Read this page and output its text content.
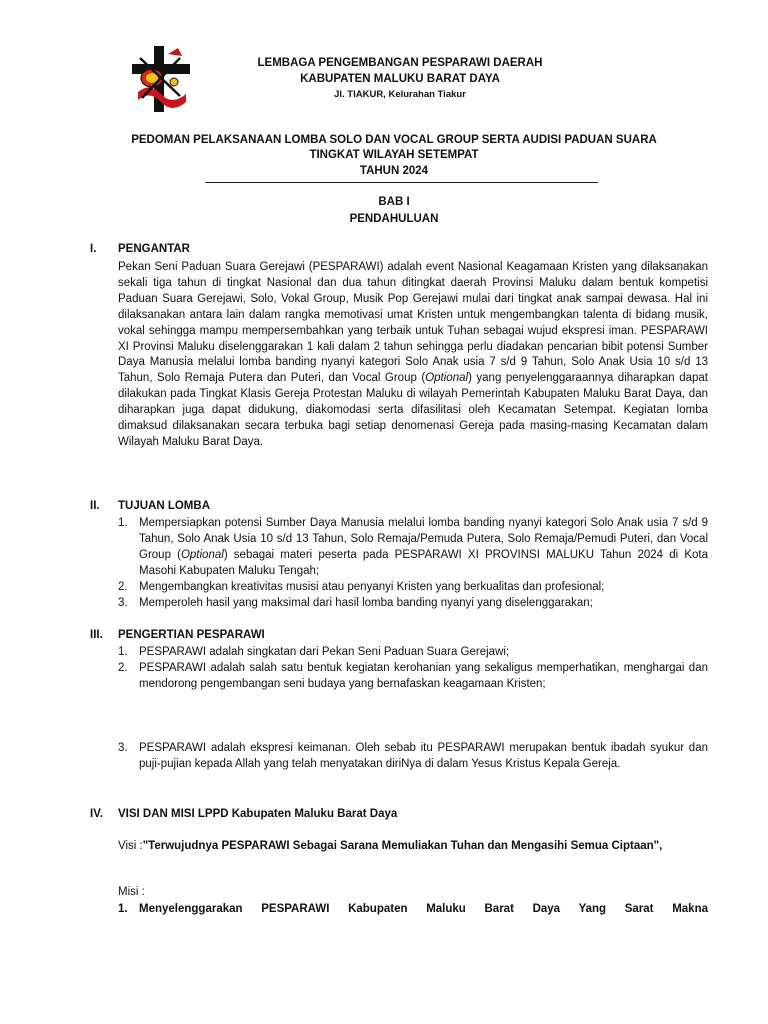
LEMBAGA PENGEMBANGAN PESPARAWI DAERAH
KABUPATEN MALUKU BARAT DAYA
Jl. TIAKUR, Kelurahan Tiakur
PEDOMAN PELAKSANAAN LOMBA SOLO DAN VOCAL GROUP SERTA AUDISI PADUAN SUARA
TINGKAT WILAYAH SETEMPAT
TAHUN 2024
BAB I
PENDAHULUAN
I. PENGANTAR

Pekan Seni Paduan Suara Gerejawi (PESPARAWI) adalah event Nasional Keagamaan Kristen yang dilaksanakan sekali tiga tahun di tingkat Nasional dan dua tahun ditingkat daerah Provinsi Maluku dalam bentuk kompetisi Paduan Suara Gerejawi, Solo, Vokal Group, Musik Pop Gerejawi mulai dari tingkat anak sampai dewasa. Hal ini dilaksanakan antara lain dalam rangka memotivasi umat Kristen untuk mengembangkan talenta di bidang musik, vokal sehingga mampu mempersembahkan yang terbaik untuk Tuhan sebagai wujud ekspresi iman. PESPARAWI XI Provinsi Maluku diselenggarakan 1 kali dalam 2 tahun sehingga perlu diadakan pencarian bibit potensi Sumber Daya Manusia melalui lomba banding nyanyi kategori Solo Anak usia 7 s/d 9 Tahun, Solo Anak Usia 10 s/d 13 Tahun, Solo Remaja Putera dan Puteri, dan Vocal Group (Optional) yang penyelenggaraannya diharapkan dapat dilakukan pada Tingkat Klasis Gereja Protestan Maluku di wilayah Pemerintah Kabupaten Maluku Barat Daya, dan diharapkan juga dapat didukung, diakomodasi serta difasilitasi oleh Kecamatan Setempat. Kegiatan lomba dimaksud dilaksanakan secara terbuka bagi setiap denomenasi Gereja pada masing-masing Kecamatan dalam Wilayah Maluku Barat Daya.

II. TUJUAN LOMBA
1. Mempersiapkan potensi Sumber Daya Manusia melalui lomba banding nyanyi kategori Solo Anak usia 7 s/d 9 Tahun, Solo Anak Usia 10 s/d 13 Tahun, Solo Remaja/Pemuda Putera, Solo Remaja/Pemudi Puteri, dan Vocal Group (Optional) sebagai materi peserta pada PESPARAWI XI PROVINSI MALUKU Tahun 2024 di Kota Masohi Kabupaten Maluku Tengah;
2. Mengembangkan kreativitas musisi atau penyanyi Kristen yang berkualitas dan profesional;
3. Memperoleh hasil yang maksimal dari hasil lomba banding nyanyi yang diselenggarakan;
III. PENGERTIAN PESPARAWI
1. PESPARAWI adalah singkatan dari Pekan Seni Paduan Suara Gerejawi;
2. PESPARAWI adalah salah satu bentuk kegiatan kerohanian yang sekaligus memperhatikan, menghargai dan mendorong pengembangan seni budaya yang bernafaskan keagamaan Kristen;
3. PESPARAWI adalah ekspresi keimanan. Oleh sebab itu PESPARAWI merupakan bentuk ibadah syukur dan puji-pujian kepada Allah yang telah menyatakan diriNya di dalam Yesus Kristus Kepala Gereja.
IV. VISI DAN MISI LPPD Kabupaten Maluku Barat Daya
Visi :"Terwujudnya PESPARAWI Sebagai Sarana Memuliakan Tuhan dan Mengasihi Semua Ciptaan",
Misi :
1. Menyelenggarakan PESPARAWI Kabupaten Maluku Barat Daya Yang Sarat Makna
